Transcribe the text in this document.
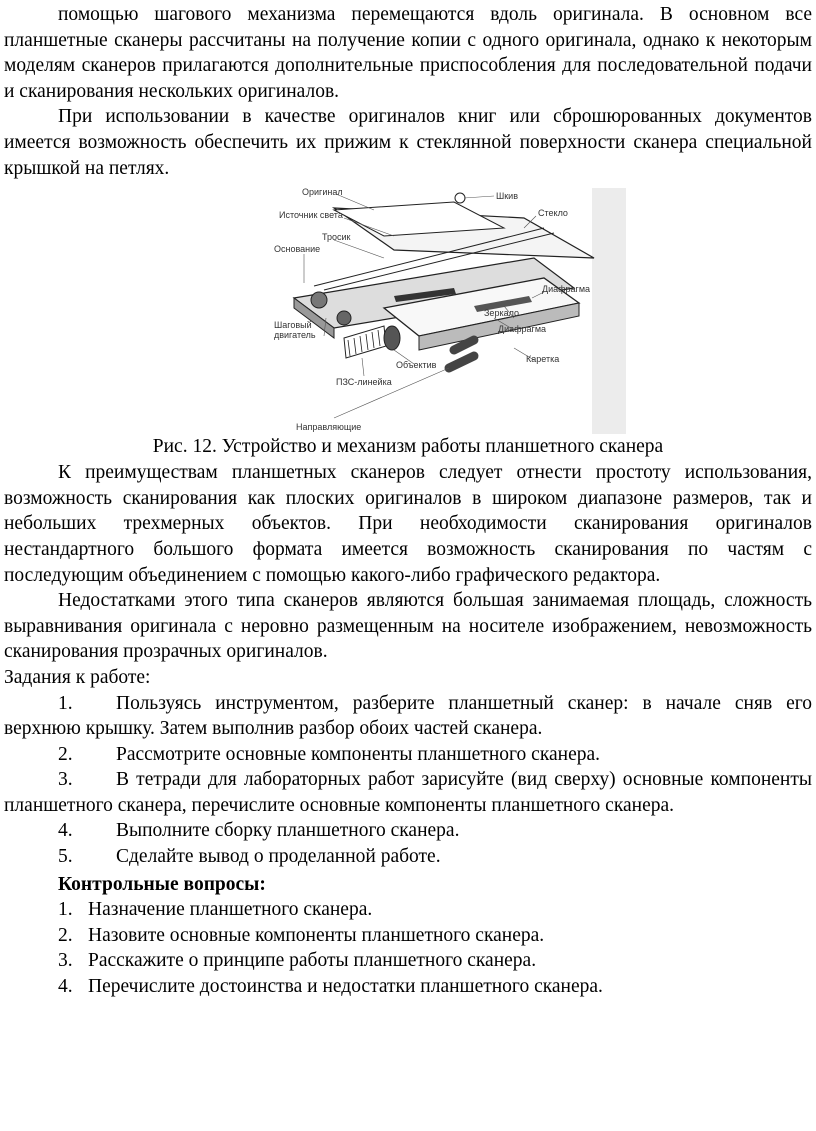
помощью шагового механизма перемещаются вдоль оригинала. В основном все планшетные сканеры рассчитаны на получение копии с одного оригинала, однако к некоторым моделям сканеров прилагаются дополнительные приспособления для последовательной подачи и сканирования нескольких оригиналов.

При использовании в качестве оригиналов книг или сброшюрованных документов имеется возможность обеспечить их прижим к стеклянной поверхности сканера специальной крышкой на петлях.

Оригинал	Шкив
Стекло
Источник света
Тросик
Основание
Диафрагма
Зеркало
Диафрагма
Шаговый
двигатель
Объектив
Каретка
ПЗС-линейка
Направляющие
Рис. 12. Устройство и механизм работы планшетного сканера

К преимуществам планшетных сканеров следует отнести простоту использования, возможность сканирования как плоских оригиналов в широком диапазоне размеров, так и небольших трехмерных объектов. При необходимости сканирования оригиналов нестандартного большого формата имеется возможность сканирования по частям с последующим объединением с помощью какого-либо графического редактора.

Недостатками этого типа сканеров являются большая занимаемая площадь, сложность выравнивания оригинала с неровно размещенным на носителе изображением, невозможность сканирования прозрачных оригиналов.

Задания к работе:

1. Пользуясь инструментом, разберите планшетный сканер: в начале сняв его верхнюю крышку. Затем выполнив разбор обоих частей сканера.

2. Рассмотрите основные компоненты планшетного сканера.

3. В тетради для лабораторных работ зарисуйте (вид сверху) основные компоненты планшетного сканера, перечислите основные компоненты планшетного сканера.

4. Выполните сборку планшетного сканера.

5. Сделайте вывод о проделанной работе.

Контрольные вопросы:
1. Назначение планшетного сканера.
2. Назовите основные компоненты планшетного сканера.
3. Расскажите о принципе работы планшетного сканера.
4. Перечислите достоинства и недостатки планшетного сканера.
